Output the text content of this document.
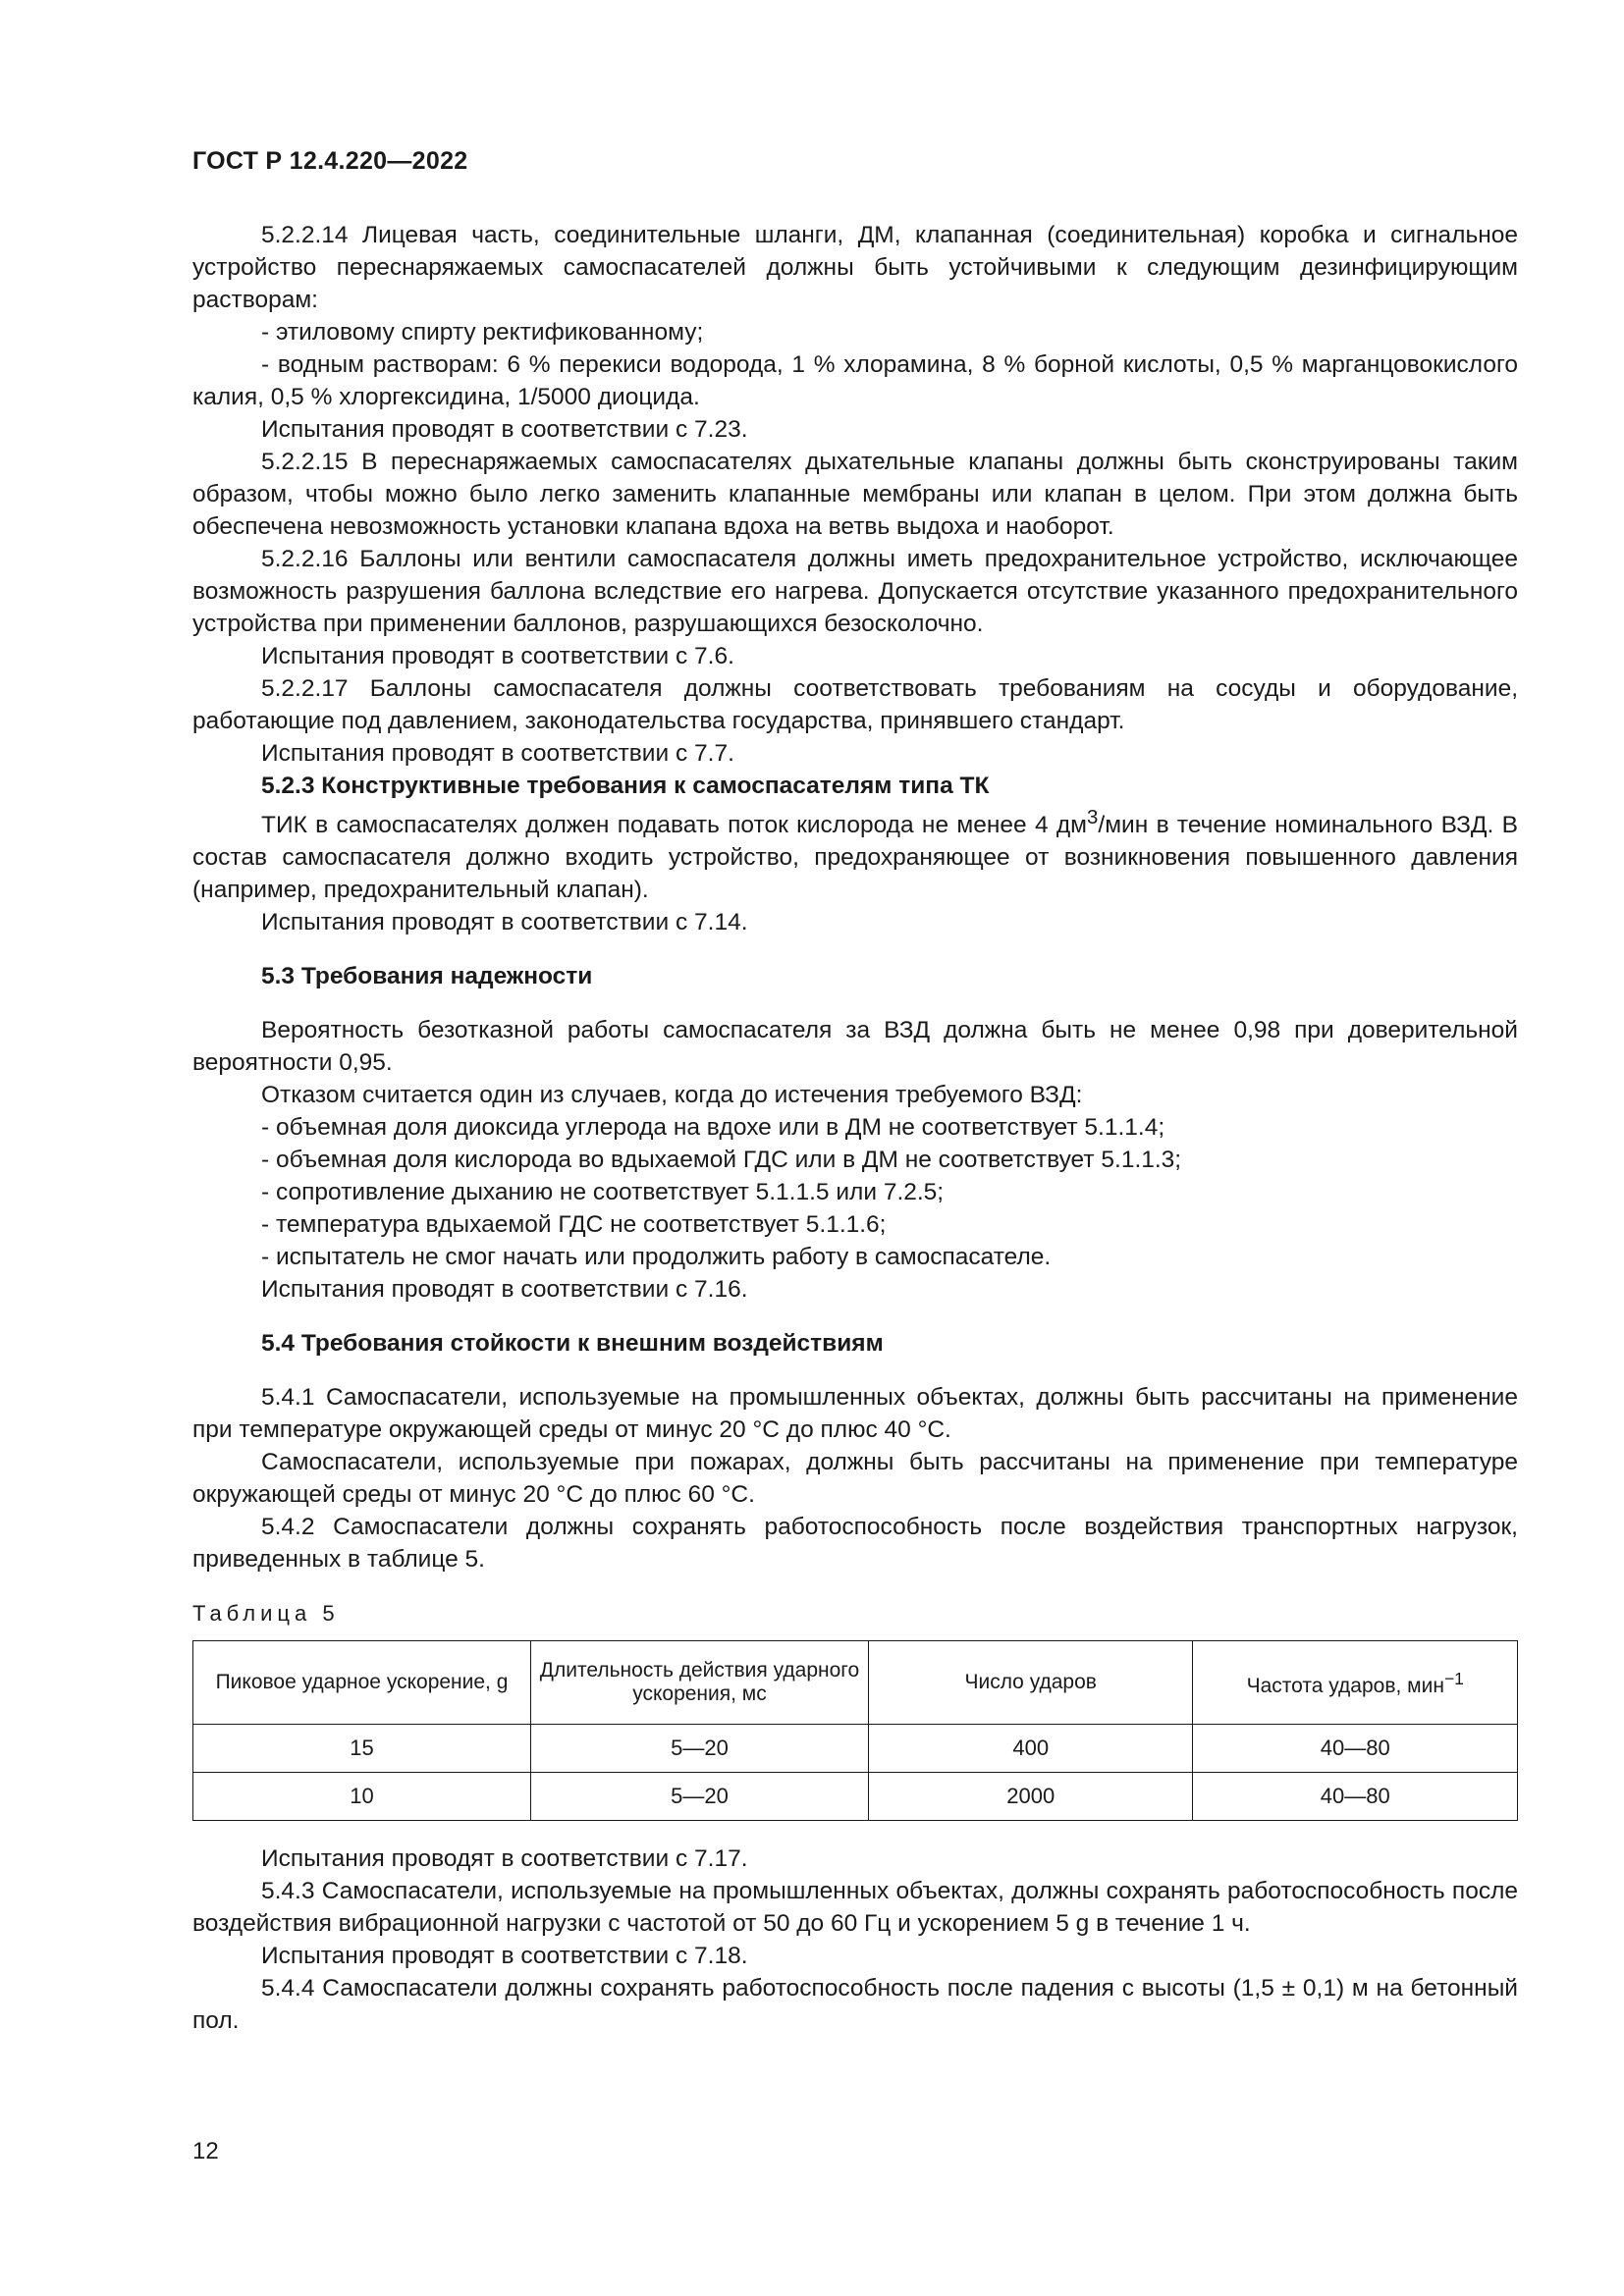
ГОСТ Р 12.4.220—2022

5.2.2.14 Лицевая часть, соединительные шланги, ДМ, клапанная (соединительная) коробка и сигнальное устройство переснаряжаемых самоспасателей должны быть устойчивыми к следующим дезинфицирующим растворам:

- этиловому спирту ректификованному;

- водным растворам: 6 % перекиси водорода, 1 % хлорамина, 8 % борной кислоты, 0,5 % марганцовокислого калия, 0,5 % хлоргексидина, 1/5000 диоцида.

Испытания проводят в соответствии с 7.23.

5.2.2.15 В переснаряжаемых самоспасателях дыхательные клапаны должны быть сконструированы таким образом, чтобы можно было легко заменить клапанные мембраны или клапан в целом. При этом должна быть обеспечена невозможность установки клапана вдоха на ветвь выдоха и наоборот.

5.2.2.16 Баллоны или вентили самоспасателя должны иметь предохранительное устройство, исключающее возможность разрушения баллона вследствие его нагрева. Допускается отсутствие указанного предохранительного устройства при применении баллонов, разрушающихся безосколочно.

Испытания проводят в соответствии с 7.6.

5.2.2.17 Баллоны самоспасателя должны соответствовать требованиям на сосуды и оборудование, работающие под давлением, законодательства государства, принявшего стандарт.

Испытания проводят в соответствии с 7.7.

5.2.3 Конструктивные требования к самоспасателям типа ТК

ТИК в самоспасателях должен подавать поток кислорода не менее 4 $дм^3$/мин в течение номинального ВЗД. В состав самоспасателя должно входить устройство, предохраняющее от возникновения повышенного давления (например, предохранительный клапан).

Испытания проводят в соответствии с 7.14.

5.3 Требования надежности

Вероятность безотказной работы самоспасателя за ВЗД должна быть не менее 0,98 при доверительной вероятности 0,95.

Отказом считается один из случаев, когда до истечения требуемого ВЗД:

- объемная доля диоксида углерода на вдохе или в ДМ не соответствует 5.1.1.4;

- объемная доля кислорода во вдыхаемой ГДС или в ДМ не соответствует 5.1.1.3;

- сопротивление дыханию не соответствует 5.1.1.5 или 7.2.5;

- температура вдыхаемой ГДС не соответствует 5.1.1.6;

- испытатель не смог начать или продолжить работу в самоспасателе.

Испытания проводят в соответствии с 7.16.

5.4 Требования стойкости к внешним воздействиям

5.4.1 Самоспасатели, используемые на промышленных объектах, должны быть рассчитаны на применение при температуре окружающей среды от минус 20 °С до плюс 40 °С.

Самоспасатели, используемые при пожарах, должны быть рассчитаны на применение при температуре окружающей среды от минус 20 °С до плюс 60 °С.

5.4.2 Самоспасатели должны сохранять работоспособность после воздействия транспортных нагрузок, приведенных в таблице 5.

Таблица 5
Пиковое ударное ускорение, g	Длительность действия ударного ускорения, мс	Число ударов	Частота ударов, мин$^{-1}$
15	5—20	400	40—80
10	5—20	2000	40—80

Испытания проводят в соответствии с 7.17.

5.4.3 Самоспасатели, используемые на промышленных объектах, должны сохранять работоспособность после воздействия вибрационной нагрузки с частотой от 50 до 60 Гц и ускорением 5 g в течение 1 ч.

Испытания проводят в соответствии с 7.18.

5.4.4 Самоспасатели должны сохранять работоспособность после падения с высоты (1,5 ± 0,1) м на бетонный пол.

12
